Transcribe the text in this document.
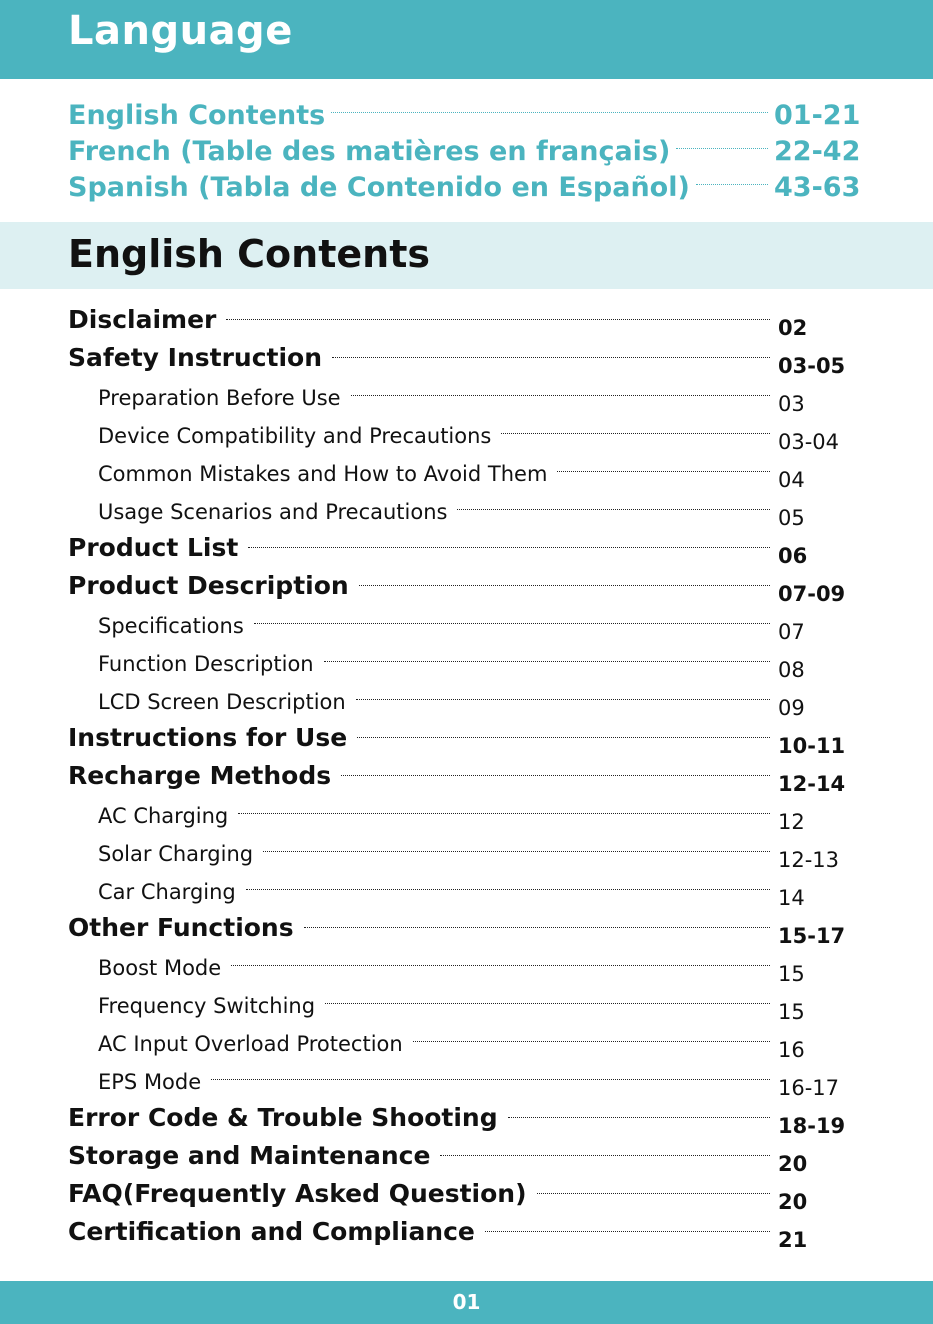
Language
English Contents	01-21
French (Table des matières en français)	22-42
Spanish (Tabla de Contenido en Español)	43-63
English Contents
Disclaimer	02
Safety Instruction	03-05
Preparation Before Use	03
Device Compatibility and Precautions	03-04
Common Mistakes and How to Avoid Them	04
Usage Scenarios and Precautions	05
Product List	06
Product Description	07-09
Specifications	07
Function Description	08
LCD Screen Description	09
Instructions for Use	10-11
Recharge Methods	12-14
AC Charging	12
Solar Charging	12-13
Car Charging	14
Other Functions	15-17
Boost Mode	15
Frequency Switching	15
AC Input Overload Protection	16
EPS Mode	16-17
Error Code & Trouble Shooting	18-19
Storage and Maintenance	20
FAQ(Frequently Asked Question)	20
Certification and Compliance	21
01
